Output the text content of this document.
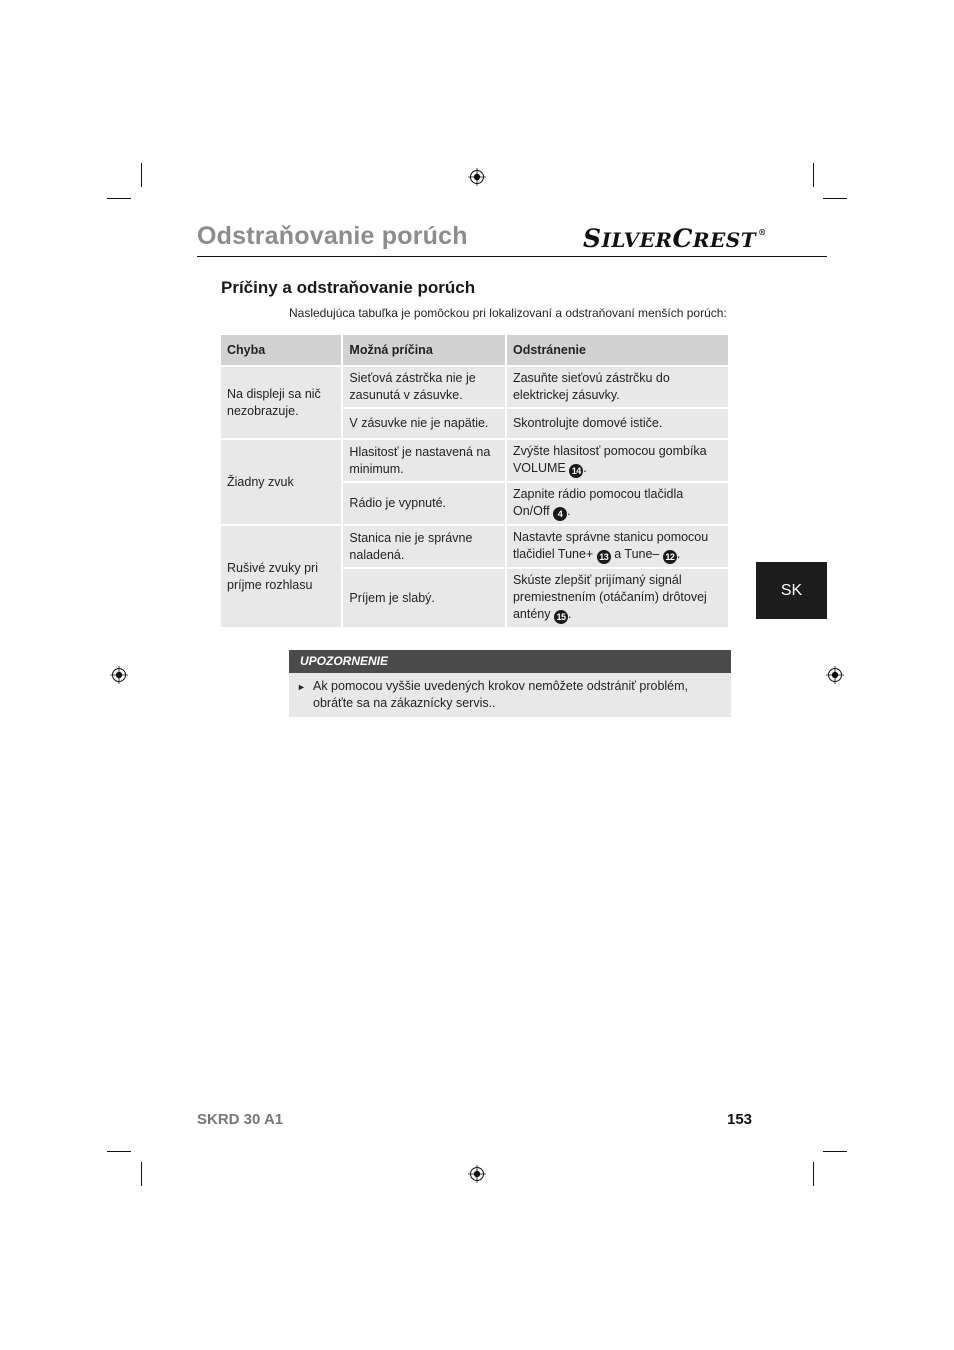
Odstraňovanie porúch	SILVERCREST ®
Príčiny a odstraňovanie porúch
Nasledujúca tabuľka je pomôckou pri lokalizovaní a odstraňovaní menších porúch:
Chyba	Možná príčina	Odstránenie
Na displeji sa nič nezobrazuje.	Sieťová zástrčka nie je zasunutá v zásuvke.	Zasuňte sieťovú zástrčku do elektrickej zásuvky.
	V zásuvke nie je napätie.	Skontrolujte domové ističe.
Žiadny zvuk	Hlasitosť je nastavená na minimum.	Zvýšte hlasitosť pomocou gombíka VOLUME 14 .
	Rádio je vypnuté.	Zapnite rádio pomocou tlačidla On/Off 4 .
Rušivé zvuky pri príjme rozhlasu	Stanica nie je správne naladená.	Nastavte správne stanicu pomocou tlačidiel Tune+ 13 a Tune– 12 .
	Príjem je slabý.	Skúste zlepšiť prijímaný signál premiestnením (otáčaním) drôtovej antény 15 .
SK
UPOZORNENIE
► Ak pomocou vyššie uvedených krokov nemôžete odstrániť problém, obráťte sa na zákaznícky servis..
SKRD 30 A1	153
